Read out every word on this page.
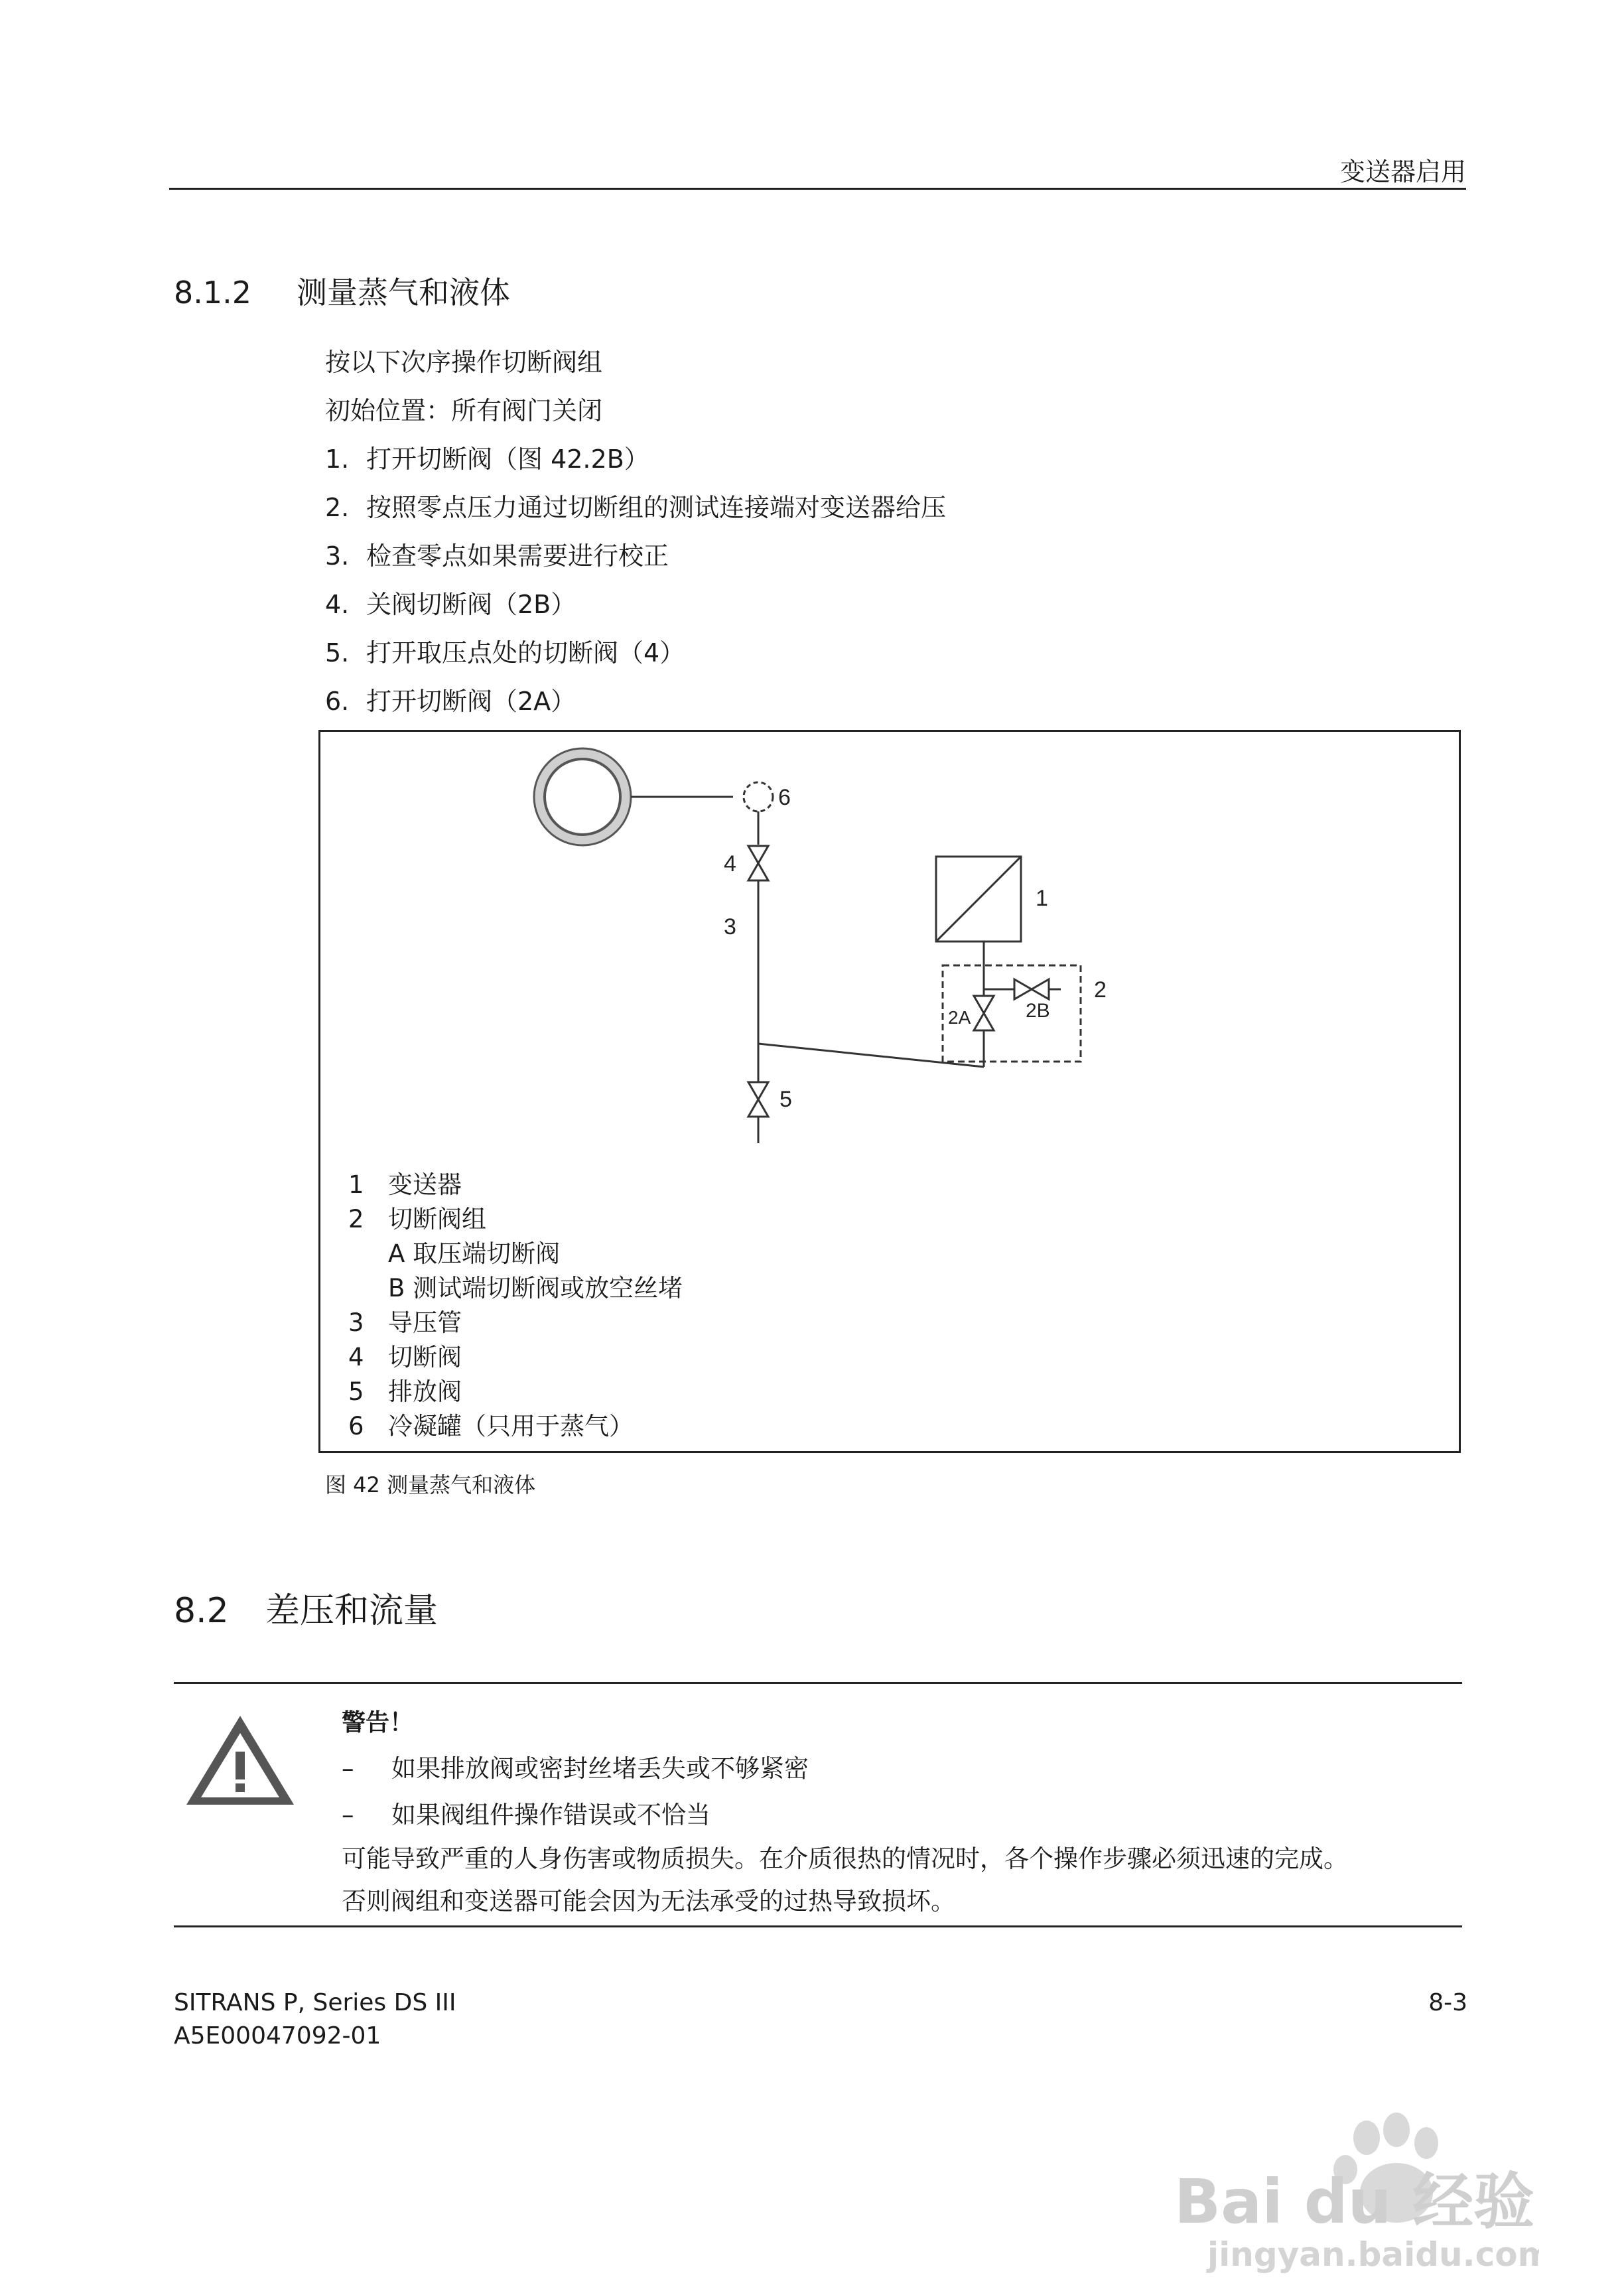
变送器启用
8.1.2 测量蒸气和液体
按以下次序操作切断阀组
初始位置：所有阀门关闭
1. 打开切断阀（图 42.2B）
2. 按照零点压力通过切断组的测试连接端对变送器给压
3. 检查零点如果需要进行校正
4. 关阀切断阀（2B）
5. 打开取压点处的切断阀（4）
6. 打开切断阀（2A）
6
4
3
1
2
2B
2A
5
1 变送器
2 切断阀组
A 取压端切断阀
B 测试端切断阀或放空丝堵
3 导压管
4 切断阀
5 排放阀
6 冷凝罐（只用于蒸气）
图 42 测量蒸气和液体
8.2 差压和流量
警告！
– 如果排放阀或密封丝堵丢失或不够紧密
– 如果阀组件操作错误或不恰当
可能导致严重的人身伤害或物质损失。在介质很热的情况时，各个操作步骤必须迅速的完成。
否则阀组和变送器可能会因为无法承受的过热导致损坏。
SITRANS P, Series DS III
A5E00047092-01
8-3
Bai du 经验
jingyan.baidu.com
